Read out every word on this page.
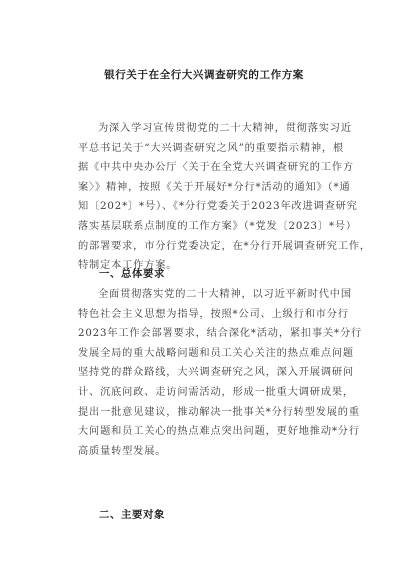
银行关于在全行大兴调查研究的工作方案
为深入学习宣传贯彻党的二十大精神，贯彻落实习近
平总书记关于“大兴调查研究之风”的重要指示精神，根
据《中共中央办公厅〈关于在全党大兴调查研究的工作方
案〉》精神，按照《关于开展好*分行*活动的通知》（*通
知〔202*〕*号）、《*分行党委关于2023年改进调查研究
落实基层联系点制度的工作方案》（*党发〔2023〕*号）
的部署要求，市分行党委决定，在*分行开展调查研究工作，
特制定本工作方案。
一、总体要求
全面贯彻落实党的二十大精神，以习近平新时代中国
特色社会主义思想为指导，按照*公司、上级行和市分行
2023年工作会部署要求，结合深化*活动，紧扣事关*分行
发展全局的重大战略问题和员工关心关注的热点难点问题
坚持党的群众路线，大兴调查研究之风，深入开展调研问
计、沉底问政、走访问需活动，形成一批重大调研成果，
提出一批意见建议，推动解决一批事关*分行转型发展的重
大问题和员工关心的热点难点突出问题，更好地推动*分行
高质量转型发展。
二、主要对象
